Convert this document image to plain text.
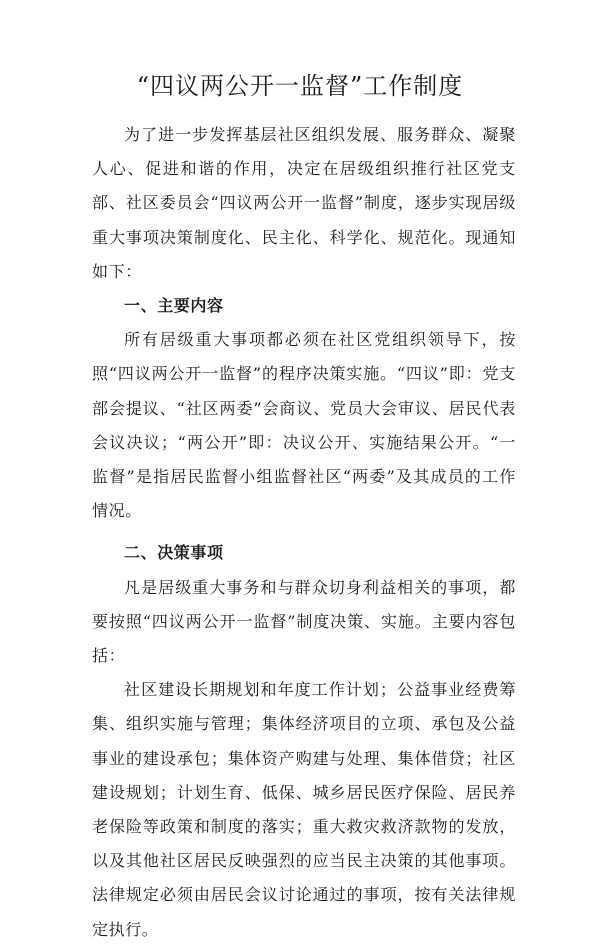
“四议两公开一监督”工作制度

为了进一步发挥基层社区组织发展、服务群众、凝聚人心、促进和谐的作用，决定在居级组织推行社区党支部、社区委员会“四议两公开一监督”制度，逐步实现居级重大事项决策制度化、民主化、科学化、规范化。现通知如下：

一、主要内容

所有居级重大事项都必须在社区党组织领导下，按照“四议两公开一监督”的程序决策实施。“四议”即：党支部会提议、“社区两委”会商议、党员大会审议、居民代表会议决议；“两公开”即：决议公开、实施结果公开。“一监督”是指居民监督小组监督社区“两委”及其成员的工作情况。

二、决策事项

凡是居级重大事务和与群众切身利益相关的事项，都要按照“四议两公开一监督”制度决策、实施。主要内容包括：

社区建设长期规划和年度工作计划；公益事业经费筹集、组织实施与管理；集体经济项目的立项、承包及公益事业的建设承包；集体资产购建与处理、集体借贷；社区建设规划；计划生育、低保、城乡居民医疗保险、居民养老保险等政策和制度的落实；重大救灾救济款物的发放，以及其他社区居民反映强烈的应当民主决策的其他事项。法律规定必须由居民会议讨论通过的事项，按有关法律规定执行。
